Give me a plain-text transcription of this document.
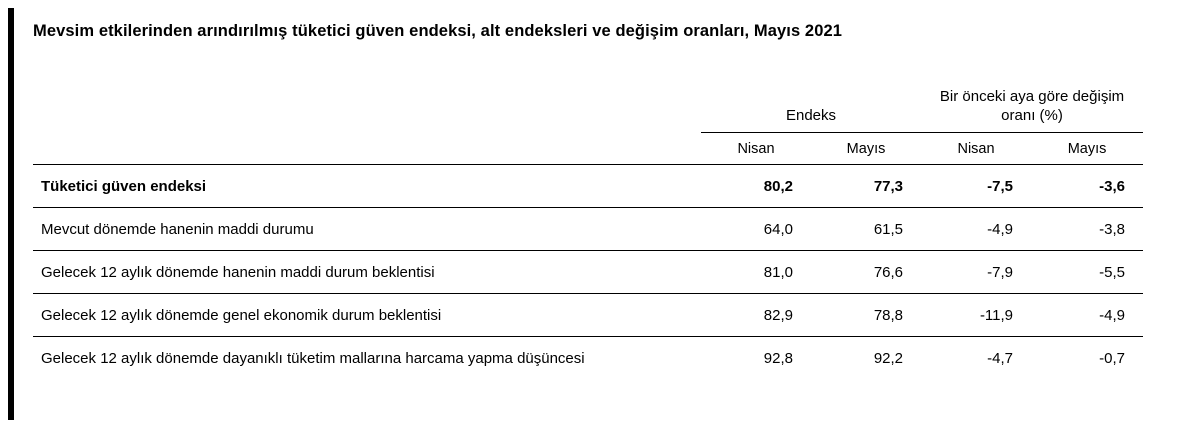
Mevsim etkilerinden arındırılmış tüketici güven endeksi, alt endeksleri ve değişim oranları, Mayıs 2021
	Endeks		Bir önceki aya göre değişim oranı (%)	
	Nisan	Mayıs	Nisan	Mayıs
Tüketici güven endeksi	80,2	77,3	-7,5	-3,6
Mevcut dönemde hanenin maddi durumu	64,0	61,5	-4,9	-3,8
Gelecek 12 aylık dönemde hanenin maddi durum beklentisi	81,0	76,6	-7,9	-5,5
Gelecek 12 aylık dönemde genel ekonomik durum beklentisi	82,9	78,8	-11,9	-4,9
Gelecek 12 aylık dönemde dayanıklı tüketim mallarına harcama yapma düşüncesi	92,8	92,2	-4,7	-0,7
